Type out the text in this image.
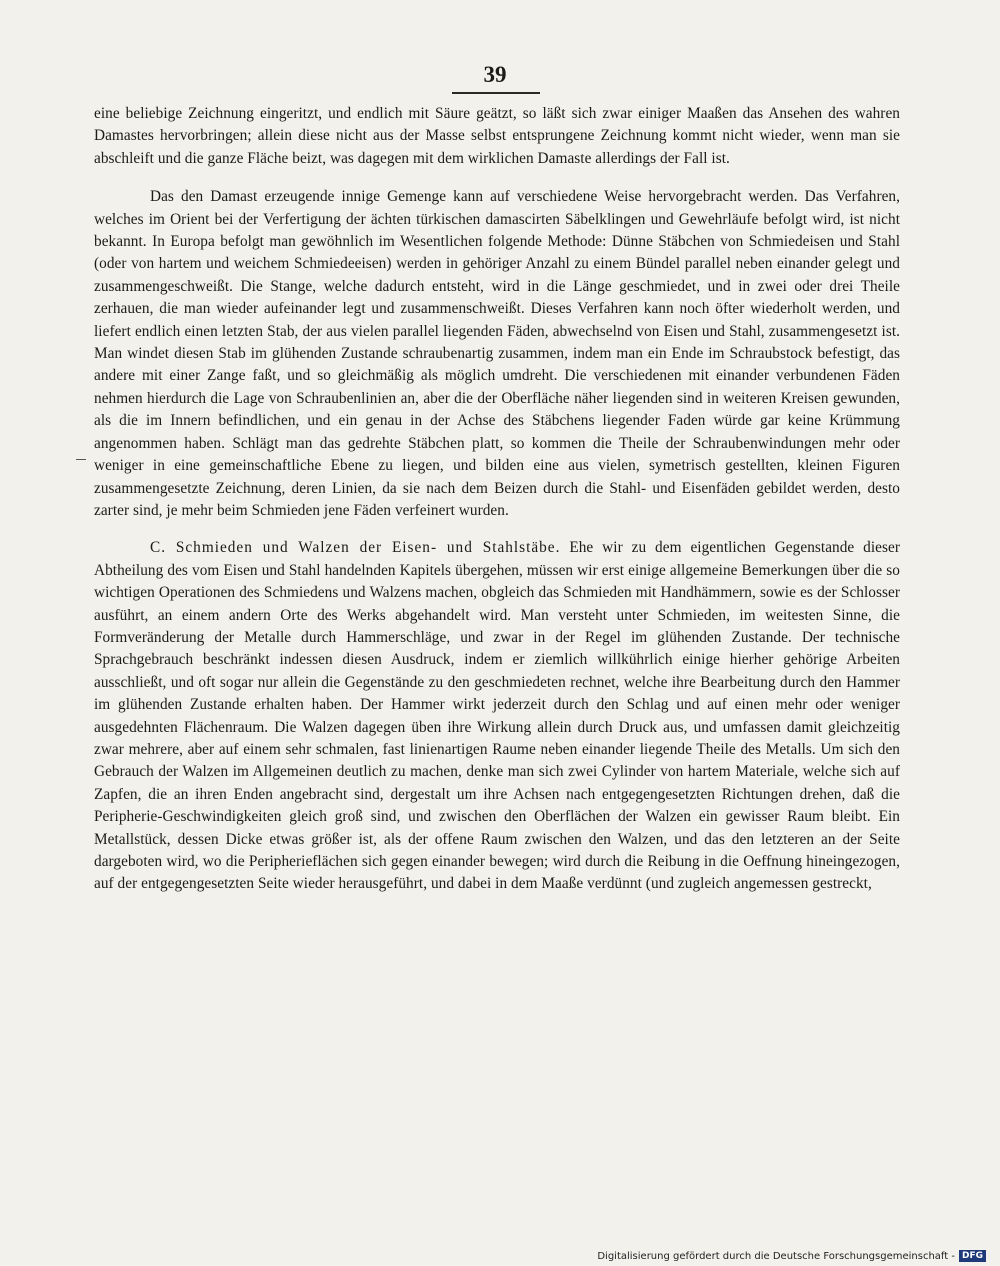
39

eine beliebige Zeichnung eingeritzt, und endlich mit Säure geätzt, so läßt sich zwar einiger Maaßen das Ansehen des wahren Damastes hervorbringen; allein diese nicht aus der Masse selbst entsprungene Zeichnung kommt nicht wieder, wenn man sie abschleift und die ganze Fläche beizt, was dagegen mit dem wirklichen Damaste allerdings der Fall ist.

Das den Damast erzeugende innige Gemenge kann auf verschiedene Weise hervorgebracht werden. Das Verfahren, welches im Orient bei der Verfertigung der ächten türkischen damascirten Säbelklingen und Gewehrläufe befolgt wird, ist nicht bekannt. In Europa befolgt man gewöhnlich im Wesentlichen folgende Methode: Dünne Stäbchen von Schmiedeisen und Stahl (oder von hartem und weichem Schmiedeeisen) werden in gehöriger Anzahl zu einem Bündel parallel neben einander gelegt und zusammengeschweißt. Die Stange, welche dadurch entsteht, wird in die Länge geschmiedet, und in zwei oder drei Theile zerhauen, die man wieder aufeinander legt und zusammenschweißt. Dieses Verfahren kann noch öfter wiederholt werden, und liefert endlich einen letzten Stab, der aus vielen parallel liegenden Fäden, abwechselnd von Eisen und Stahl, zusammengesetzt ist. Man windet diesen Stab im glühenden Zustande schraubenartig zusammen, indem man ein Ende im Schraubstock befestigt, das andere mit einer Zange faßt, und so gleichmäßig als möglich umdreht. Die verschiedenen mit einander verbundenen Fäden nehmen hierdurch die Lage von Schraubenlinien an, aber die der Oberfläche näher liegenden sind in weiteren Kreisen gewunden, als die im Innern befindlichen, und ein genau in der Achse des Stäbchens liegender Faden würde gar keine Krümmung angenommen haben. Schlägt man das gedrehte Stäbchen platt, so kommen die Theile der Schraubenwindungen mehr oder weniger in eine gemeinschaftliche Ebene zu liegen, und bilden eine aus vielen, symetrisch gestellten, kleinen Figuren zusammengesetzte Zeichnung, deren Linien, da sie nach dem Beizen durch die Stahl- und Eisenfäden gebildet werden, desto zarter sind, je mehr beim Schmieden jene Fäden verfeinert wurden.

C. Schmieden und Walzen der Eisen- und Stahlstäbe. Ehe wir zu dem eigentlichen Gegenstande dieser Abtheilung des vom Eisen und Stahl handelnden Kapitels übergehen, müssen wir erst einige allgemeine Bemerkungen über die so wichtigen Operationen des Schmiedens und Walzens machen, obgleich das Schmieden mit Handhämmern, sowie es der Schlosser ausführt, an einem andern Orte des Werks abgehandelt wird. Man versteht unter Schmieden, im weitesten Sinne, die Formveränderung der Metalle durch Hammerschläge, und zwar in der Regel im glühenden Zustande. Der technische Sprachgebrauch beschränkt indessen diesen Ausdruck, indem er ziemlich willkührlich einige hierher gehörige Arbeiten ausschließt, und oft sogar nur allein die Gegenstände zu den geschmiedeten rechnet, welche ihre Bearbeitung durch den Hammer im glühenden Zustande erhalten haben. Der Hammer wirkt jederzeit durch den Schlag und auf einen mehr oder weniger ausgedehnten Flächenraum. Die Walzen dagegen üben ihre Wirkung allein durch Druck aus, und umfassen damit gleichzeitig zwar mehrere, aber auf einem sehr schmalen, fast linienartigen Raume neben einander liegende Theile des Metalls. Um sich den Gebrauch der Walzen im Allgemeinen deutlich zu machen, denke man sich zwei Cylinder von hartem Materiale, welche sich auf Zapfen, die an ihren Enden angebracht sind, dergestalt um ihre Achsen nach entgegengesetzten Richtungen drehen, daß die Peripherie-Geschwindigkeiten gleich groß sind, und zwischen den Oberflächen der Walzen ein gewisser Raum bleibt. Ein Metallstück, dessen Dicke etwas größer ist, als der offene Raum zwischen den Walzen, und das den letzteren an der Seite dargeboten wird, wo die Peripherieflächen sich gegen einander bewegen; wird durch die Reibung in die Oeffnung hineingezogen, auf der entgegengesetzten Seite wieder herausgeführt, und dabei in dem Maaße verdünnt (und zugleich angemessen gestreckt,

Digitalisierung gefördert durch die Deutsche Forschungsgemeinschaft - DFG
